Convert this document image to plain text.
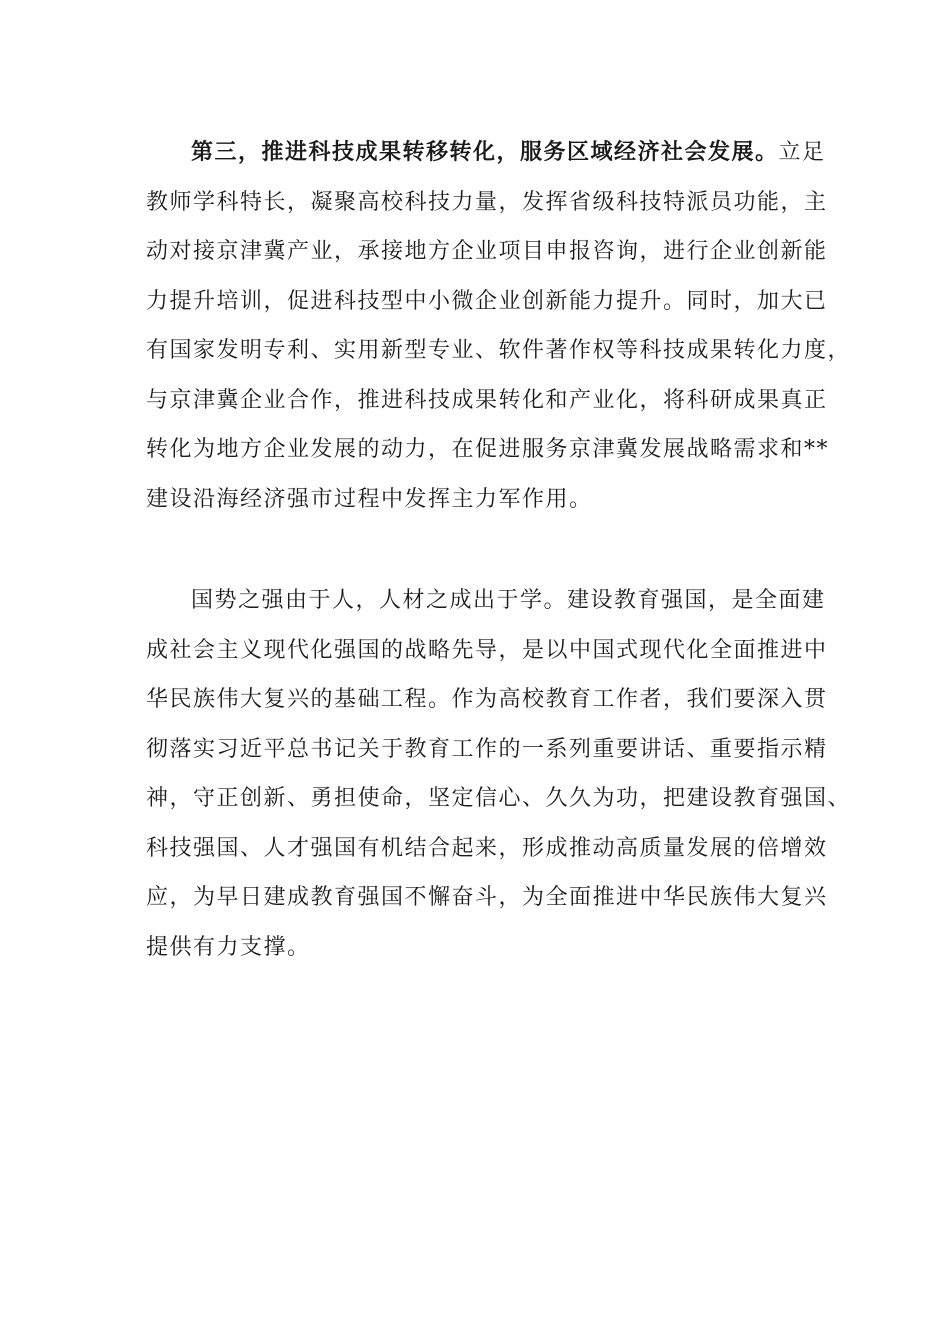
第三，推进科技成果转移转化，服务区域经济社会发展。立足
教师学科特长，凝聚高校科技力量，发挥省级科技特派员功能，主
动对接京津冀产业，承接地方企业项目申报咨询，进行企业创新能
力提升培训，促进科技型中小微企业创新能力提升。同时，加大已
有国家发明专利、实用新型专业、软件著作权等科技成果转化力度，
与京津冀企业合作，推进科技成果转化和产业化，将科研成果真正
转化为地方企业发展的动力，在促进服务京津冀发展战略需求和**
建设沿海经济强市过程中发挥主力军作用。
国势之强由于人，人材之成出于学。建设教育强国，是全面建
成社会主义现代化强国的战略先导，是以中国式现代化全面推进中
华民族伟大复兴的基础工程。作为高校教育工作者，我们要深入贯
彻落实习近平总书记关于教育工作的一系列重要讲话、重要指示精
神，守正创新、勇担使命，坚定信心、久久为功，把建设教育强国、
科技强国、人才强国有机结合起来，形成推动高质量发展的倍增效
应，为早日建成教育强国不懈奋斗，为全面推进中华民族伟大复兴
提供有力支撑。
